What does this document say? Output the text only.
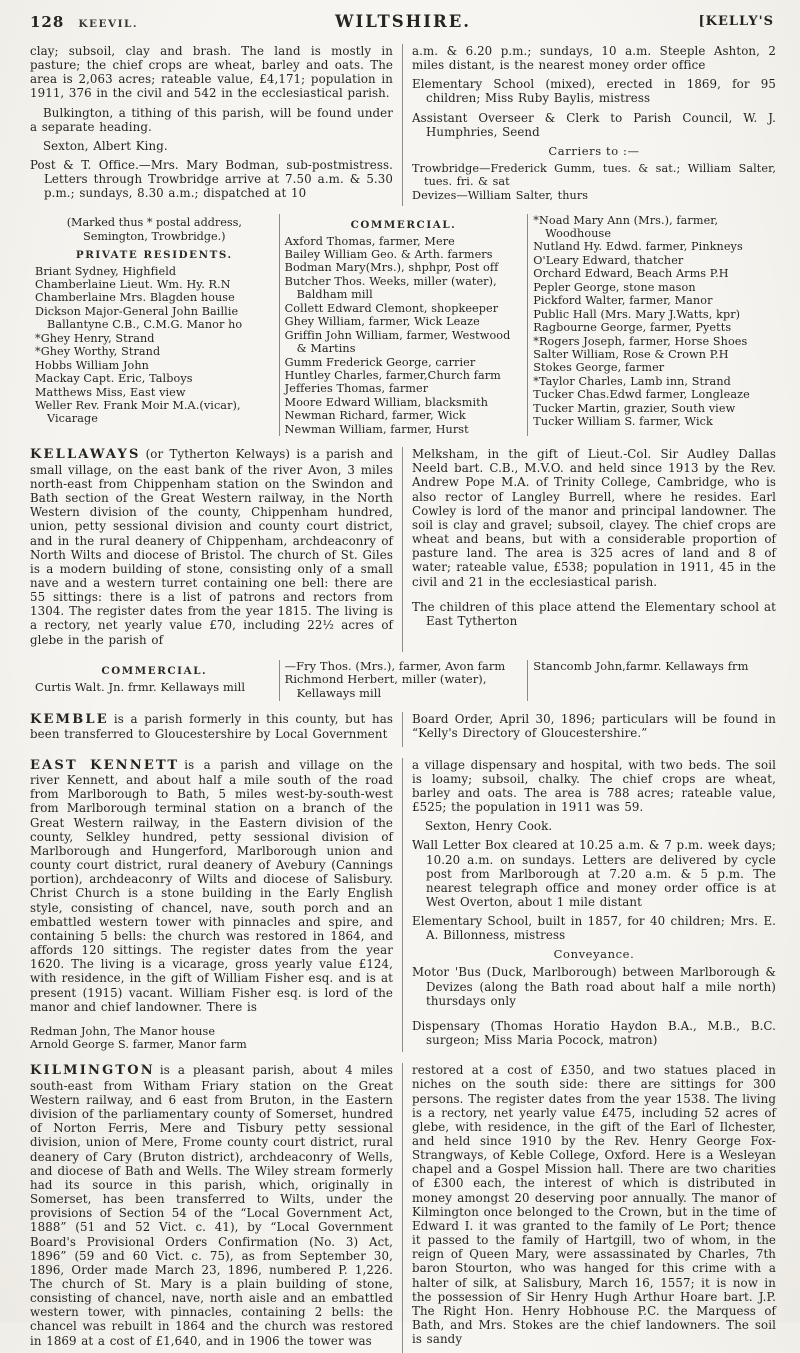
128 KEEVIL.	WILTSHIRE.	[KELLY'S

clay; subsoil, clay and brash. The land is mostly in pasture; the chief crops are wheat, barley and oats. The area is 2,063 acres; rateable value, £4,171; population in 1911, 376 in the civil and 542 in the ecclesiastical parish.

Bulkington, a tithing of this parish, will be found under a separate heading.

Sexton, Albert King.

Post & T. Office.—Mrs. Mary Bodman, sub-postmistress. Letters through Trowbridge arrive at 7.50 a.m. & 5.30 p.m.; sundays, 8.30 a.m.; dispatched at 10

a.m. & 6.20 p.m.; sundays, 10 a.m. Steeple Ashton, 2 miles distant, is the nearest money order office

Elementary School (mixed), erected in 1869, for 95 children; Miss Ruby Baylis, mistress

Assistant Overseer & Clerk to Parish Council, W. J. Humphries, Seend

Carriers to :—

Trowbridge—Frederick Gumm, tues. & sat.; William Salter, tues. fri. & sat
Devizes—William Salter, thurs

(Marked thus * postal address, Semington, Trowbridge.)

PRIVATE RESIDENTS.

Briant Sydney, Highfield
Chamberlaine Lieut. Wm. Hy. R.N
Chamberlaine Mrs. Blagden house
Dickson Major-General John Baillie Ballantyne C.B., C.M.G. Manor ho
*Ghey Henry, Strand
*Ghey Worthy, Strand
Hobbs William John
Mackay Capt. Eric, Talboys
Matthews Miss, East view
Weller Rev. Frank Moir M.A.(vicar), Vicarage

COMMERCIAL.

Axford Thomas, farmer, Mere
Bailey William Geo. & Arth. farmers
Bodman Mary(Mrs.), shphpr, Post off
Butcher Thos. Weeks, miller (water), Baldham mill
Collett Edward Clemont, shopkeeper
Ghey William, farmer, Wick Leaze
Griffin John William, farmer, Westwood & Martins
Gumm Frederick George, carrier
Huntley Charles, farmer,Church farm
Jefferies Thomas, farmer
Moore Edward William, blacksmith
Newman Richard, farmer, Wick
Newman William, farmer, Hurst
*Noad Mary Ann (Mrs.), farmer, Woodhouse
Nutland Hy. Edwd. farmer, Pinkneys
O'Leary Edward, thatcher
Orchard Edward, Beach Arms P.H
Pepler George, stone mason
Pickford Walter, farmer, Manor
Public Hall (Mrs. Mary J.Watts, kpr)
Ragbourne George, farmer, Pyetts
*Rogers Joseph, farmer, Horse Shoes
Salter William, Rose & Crown P.H
Stokes George, farmer
*Taylor Charles, Lamb inn, Strand
Tucker Chas.Edwd farmer, Longleaze
Tucker Martin, grazier, South view
Tucker William S. farmer, Wick

KELLAWAYS (or Tytherton Kelways) is a parish and small village, on the east bank of the river Avon, 3 miles north-east from Chippenham station on the Swindon and Bath section of the Great Western railway, in the North Western division of the county, Chippenham hundred, union, petty sessional division and county court district, and in the rural deanery of Chippenham, archdeaconry of North Wilts and diocese of Bristol. The church of St. Giles is a modern building of stone, consisting only of a small nave and a western turret containing one bell: there are 55 sittings: there is a list of patrons and rectors from 1304. The register dates from the year 1815. The living is a rectory, net yearly value £70, including 22½ acres of glebe in the parish of

Melksham, in the gift of Lieut.-Col. Sir Audley Dallas Neeld bart. C.B., M.V.O. and held since 1913 by the Rev. Andrew Pope M.A. of Trinity College, Cambridge, who is also rector of Langley Burrell, where he resides. Earl Cowley is lord of the manor and principal landowner. The soil is clay and gravel; subsoil, clayey. The chief crops are wheat and beans, but with a considerable proportion of pasture land. The area is 325 acres of land and 8 of water; rateable value, £538; population in 1911, 45 in the civil and 21 in the ecclesiastical parish.

The children of this place attend the Elementary school at East Tytherton

COMMERCIAL.

Curtis Walt. Jn. frmr. Kellaways mill
—Fry Thos. (Mrs.), farmer, Avon farm
Richmond Herbert, miller (water), Kellaways mill
Stancomb John,farmr. Kellaways frm

KEMBLE is a parish formerly in this county, but has been transferred to Gloucestershire by Local Government

Board Order, April 30, 1896; particulars will be found in “Kelly's Directory of Gloucestershire.”

EAST KENNETT is a parish and village on the river Kennett, and about half a mile south of the road from Marlborough to Bath, 5 miles west-by-south-west from Marlborough terminal station on a branch of the Great Western railway, in the Eastern division of the county, Selkley hundred, petty sessional division of Marlborough and Hungerford, Marlborough union and county court district, rural deanery of Avebury (Cannings portion), archdeaconry of Wilts and diocese of Salisbury. Christ Church is a stone building in the Early English style, consisting of chancel, nave, south porch and an embattled western tower with pinnacles and spire, and containing 5 bells: the church was restored in 1864, and affords 120 sittings. The register dates from the year 1620. The living is a vicarage, gross yearly value £124, with residence, in the gift of William Fisher esq. and is at present (1915) vacant. William Fisher esq. is lord of the manor and chief landowner. There is

Redman John, The Manor house
Arnold George S. farmer, Manor farm

a village dispensary and hospital, with two beds. The soil is loamy; subsoil, chalky. The chief crops are wheat, barley and oats. The area is 788 acres; rateable value, £525; the population in 1911 was 59.

Sexton, Henry Cook.

Wall Letter Box cleared at 10.25 a.m. & 7 p.m. week days; 10.20 a.m. on sundays. Letters are delivered by cycle post from Marlborough at 7.20 a.m. & 5 p.m. The nearest telegraph office and money order office is at West Overton, about 1 mile distant

Elementary School, built in 1857, for 40 children; Mrs. E. A. Billonness, mistress

Conveyance.

Motor 'Bus (Duck, Marlborough) between Marlborough & Devizes (along the Bath road about half a mile north) thursdays only

Dispensary (Thomas Horatio Haydon B.A., M.B., B.C. surgeon; Miss Maria Pocock, matron)

KILMINGTON is a pleasant parish, about 4 miles south-east from Witham Friary station on the Great Western railway, and 6 east from Bruton, in the Eastern division of the parliamentary county of Somerset, hundred of Norton Ferris, Mere and Tisbury petty sessional division, union of Mere, Frome county court district, rural deanery of Cary (Bruton district), archdeaconry of Wells, and diocese of Bath and Wells. The Wiley stream formerly had its source in this parish, which, originally in Somerset, has been transferred to Wilts, under the provisions of Section 54 of the “Local Government Act, 1888” (51 and 52 Vict. c. 41), by “Local Government Board's Provisional Orders Confirmation (No. 3) Act, 1896” (59 and 60 Vict. c. 75), as from September 30, 1896, Order made March 23, 1896, numbered P. 1,226. The church of St. Mary is a plain building of stone, consisting of chancel, nave, north aisle and an embattled western tower, with pinnacles, containing 2 bells: the chancel was rebuilt in 1864 and the church was restored in 1869 at a cost of £1,640, and in 1906 the tower was

restored at a cost of £350, and two statues placed in niches on the south side: there are sittings for 300 persons. The register dates from the year 1538. The living is a rectory, net yearly value £475, including 52 acres of glebe, with residence, in the gift of the Earl of Ilchester, and held since 1910 by the Rev. Henry George Fox-Strangways, of Keble College, Oxford. Here is a Wesleyan chapel and a Gospel Mission hall. There are two charities of £300 each, the interest of which is distributed in money amongst 20 deserving poor annually. The manor of Kilmington once belonged to the Crown, but in the time of Edward I. it was granted to the family of Le Port; thence it passed to the family of Hartgill, two of whom, in the reign of Queen Mary, were assassinated by Charles, 7th baron Stourton, who was hanged for this crime with a halter of silk, at Salisbury, March 16, 1557; it is now in the possession of Sir Henry Hugh Arthur Hoare bart. J.P. The Right Hon. Henry Hobhouse P.C. the Marquess of Bath, and Mrs. Stokes are the chief landowners. The soil is sandy
